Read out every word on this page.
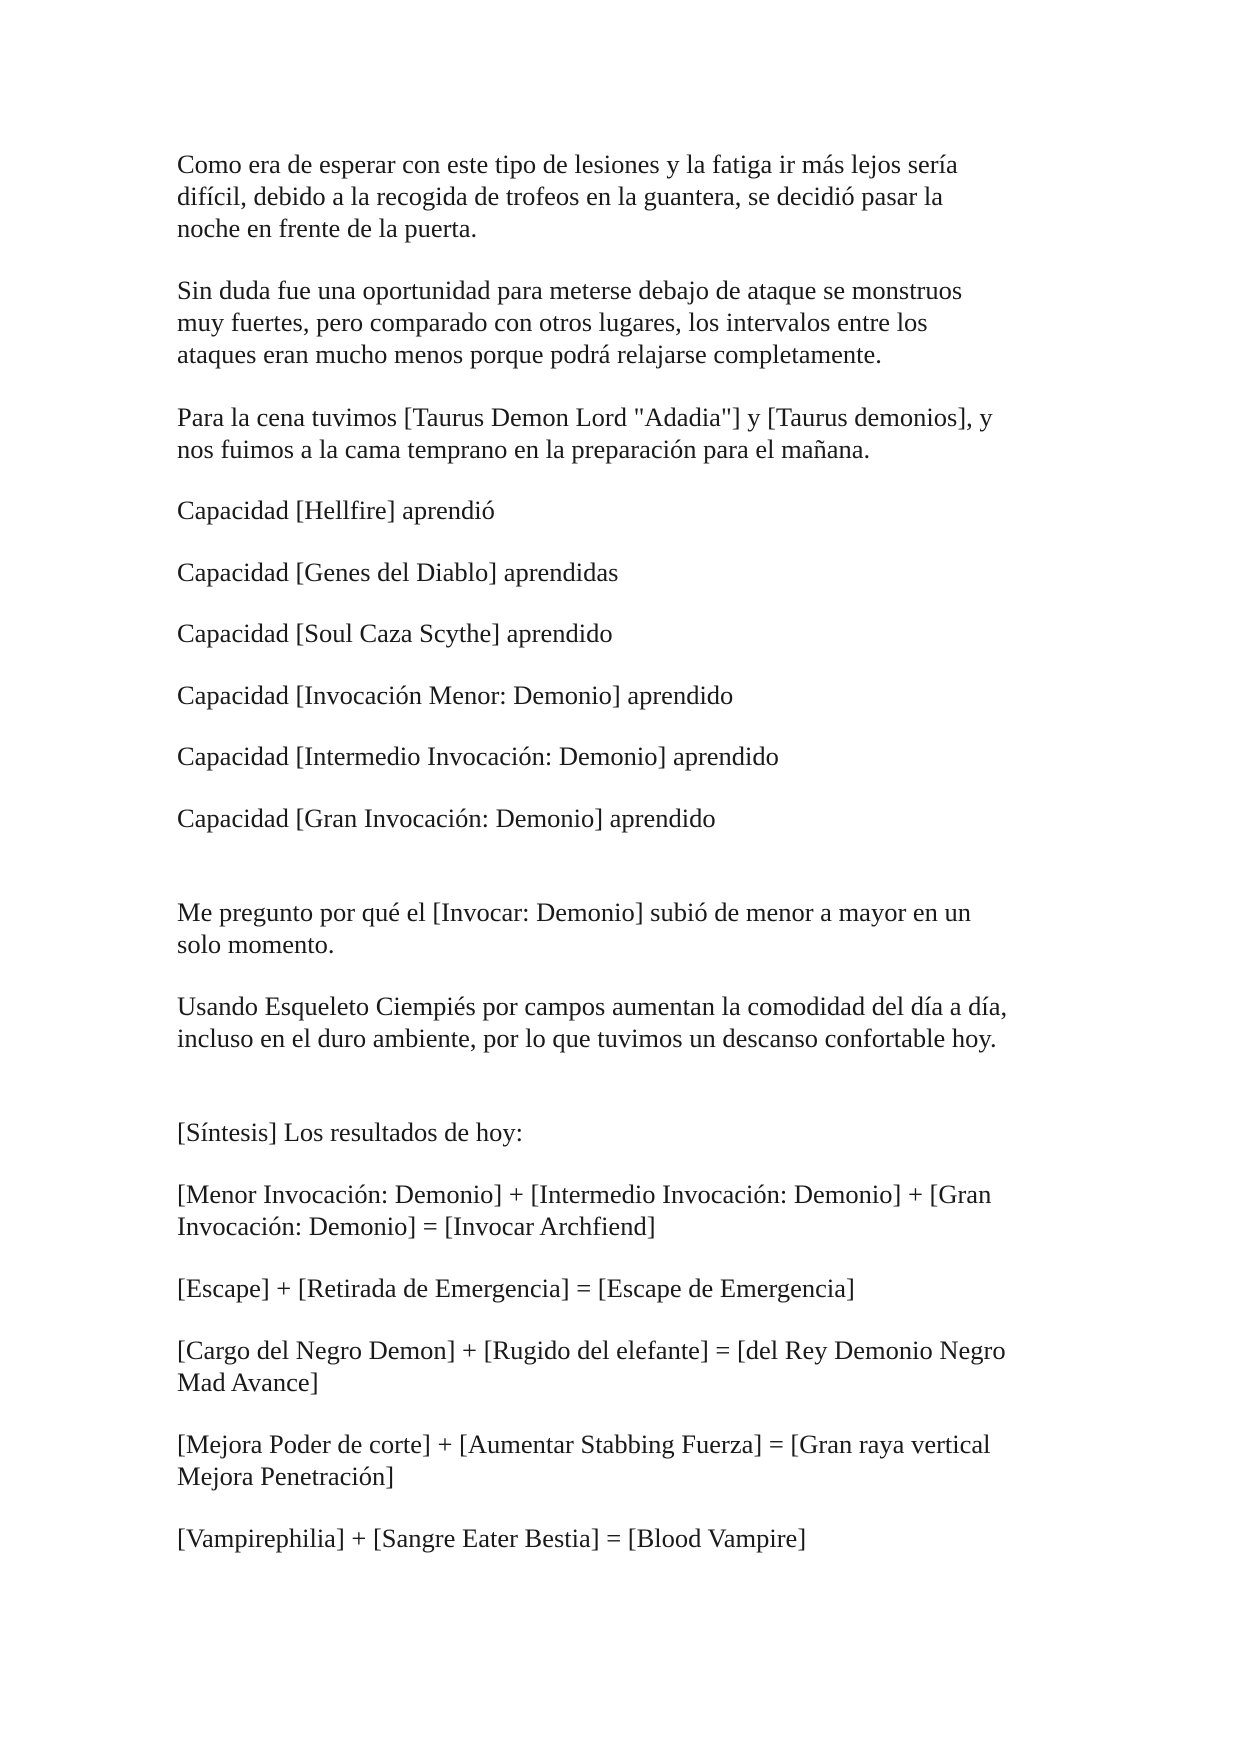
Como era de esperar con este tipo de lesiones y la fatiga ir más lejos sería

difícil, debido a la recogida de trofeos en la guantera, se decidió pasar la

noche en frente de la puerta.

Sin duda fue una oportunidad para meterse debajo de ataque se monstruos

muy fuertes, pero comparado con otros lugares, los intervalos entre los

ataques eran mucho menos porque podrá relajarse completamente.

Para la cena tuvimos [Taurus Demon Lord "Adadia"] y [Taurus demonios], y

nos fuimos a la cama temprano en la preparación para el mañana.

Capacidad [Hellfire] aprendió

Capacidad [Genes del Diablo] aprendidas

Capacidad [Soul Caza Scythe] aprendido

Capacidad [Invocación Menor: Demonio] aprendido

Capacidad [Intermedio Invocación: Demonio] aprendido

Capacidad [Gran Invocación: Demonio] aprendido

Me pregunto por qué el [Invocar: Demonio] subió de menor a mayor en un

solo momento.

Usando Esqueleto Ciempiés por campos aumentan la comodidad del día a día,

incluso en el duro ambiente, por lo que tuvimos un descanso confortable hoy.

[Síntesis] Los resultados de hoy:

[Menor Invocación: Demonio] + [Intermedio Invocación: Demonio] + [Gran

Invocación: Demonio] = [Invocar Archfiend]

[Escape] + [Retirada de Emergencia] = [Escape de Emergencia]

[Cargo del Negro Demon] + [Rugido del elefante] = [del Rey Demonio Negro

Mad Avance]

[Mejora Poder de corte] + [Aumentar Stabbing Fuerza] = [Gran raya vertical

Mejora Penetración]

[Vampirephilia] + [Sangre Eater Bestia] = [Blood Vampire]
